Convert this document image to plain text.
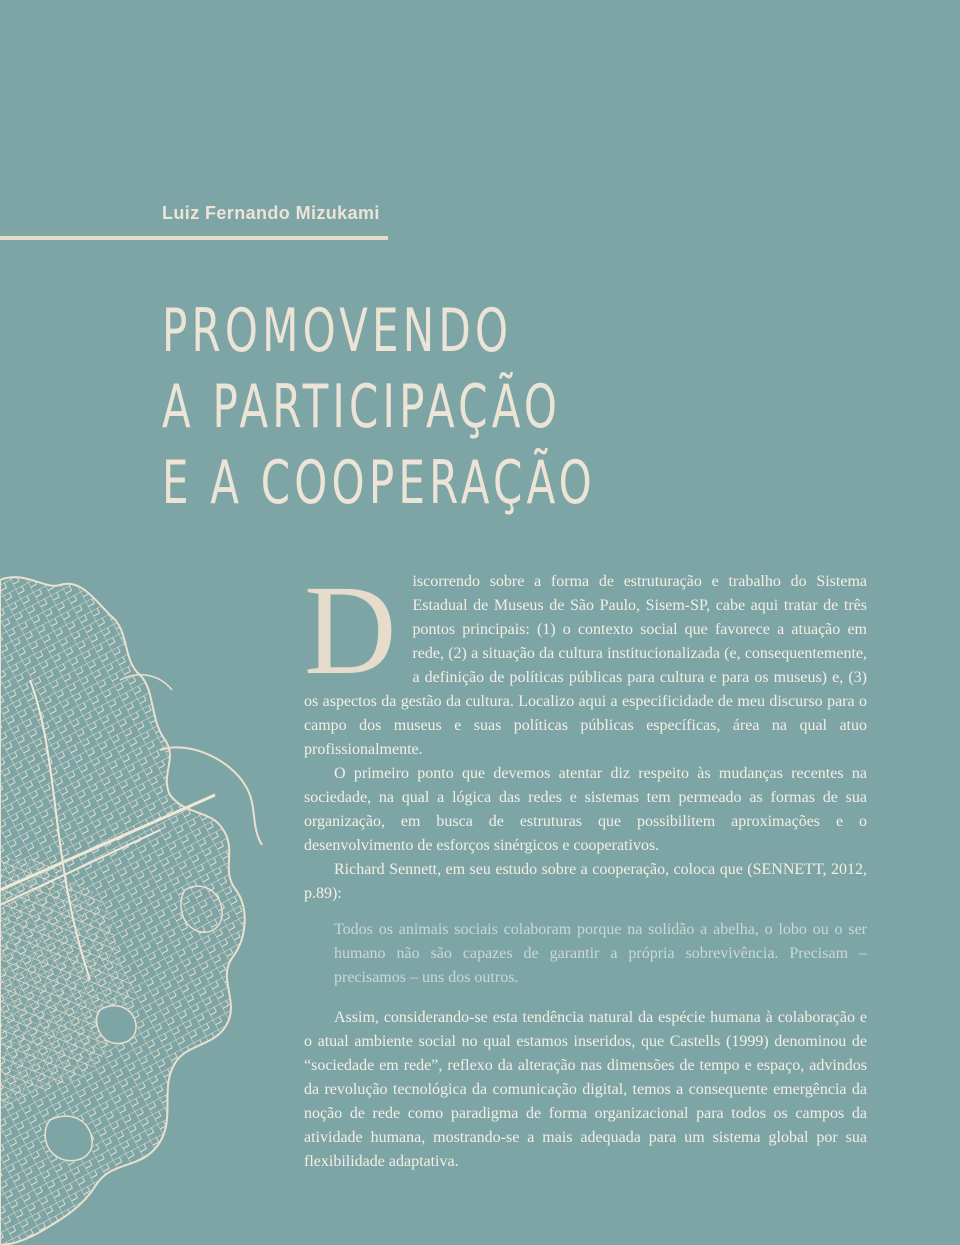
Luiz Fernando Mizukami

PROMOVENDO
A PARTICIPAÇÃO
E A COOPERAÇÃO

D iscorrendo sobre a forma de estruturação e trabalho do Sistema Estadual de Museus de São Paulo, Sisem-SP, cabe aqui tratar de três pontos principais: (1) o contexto social que favorece a atuação em rede, (2) a situação da cultura institucionalizada (e, consequentemente, a definição de políticas públicas para cultura e para os museus) e, (3) os aspectos da gestão da cultura. Localizo aqui a especificidade de meu discurso para o campo dos museus e suas políticas públicas específicas, área na qual atuo profissionalmente.

O primeiro ponto que devemos atentar diz respeito às mudanças recentes na sociedade, na qual a lógica das redes e sistemas tem permeado as formas de sua organização, em busca de estruturas que possibilitem aproximações e o desenvolvimento de esforços sinérgicos e cooperativos.

Richard Sennett, em seu estudo sobre a cooperação, coloca que (SENNETT, 2012, p.89):

Todos os animais sociais colaboram porque na solidão a abelha, o lobo ou o ser humano não são capazes de garantir a própria sobrevivência. Precisam – precisamos – uns dos outros.

Assim, considerando-se esta tendência natural da espécie humana à colaboração e o atual ambiente social no qual estamos inseridos, que Castells (1999) denominou de “sociedade em rede”, reflexo da alteração nas dimensões de tempo e espaço, advindos da revolução tecnológica da comunicação digital, temos a consequente emergência da noção de rede como paradigma de forma organizacional para todos os campos da atividade humana, mostrando-se a mais adequada para um sistema global por sua flexibilidade adaptativa.
